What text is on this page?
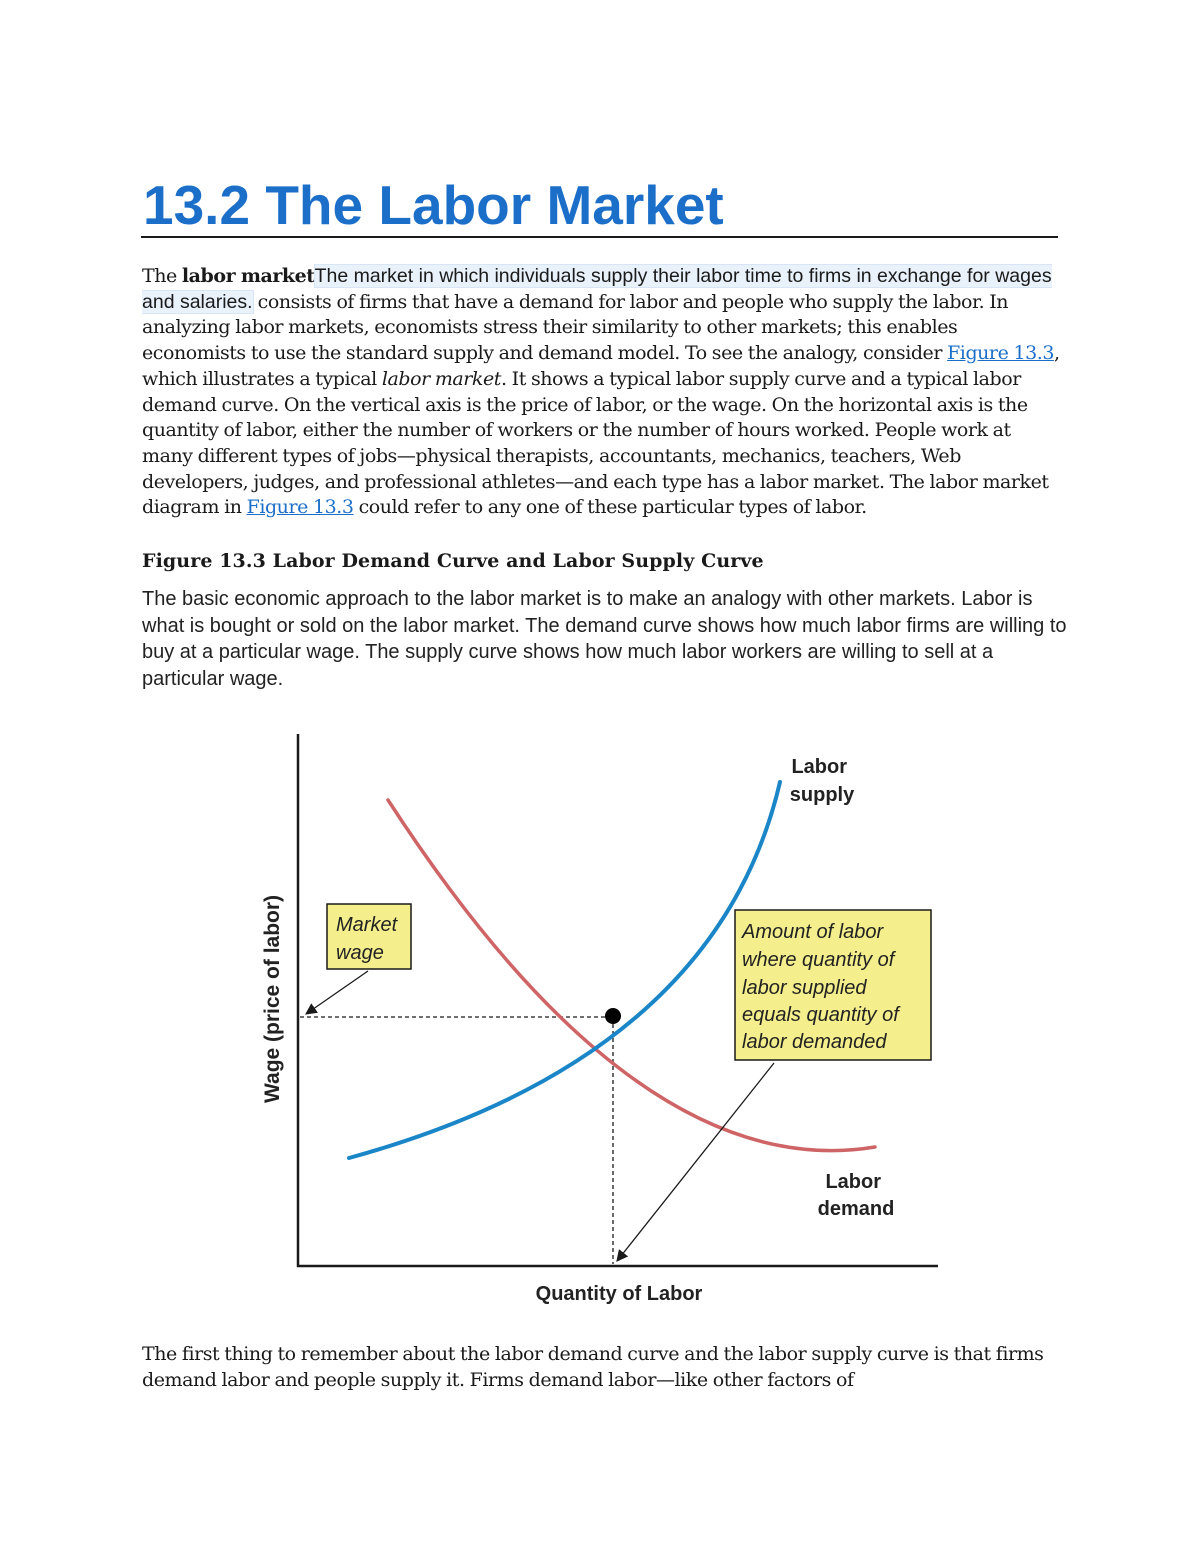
13.2 The Labor Market

The labor marketThe market in which individuals supply their labor time to firms in exchange for wages and salaries. consists of firms that have a demand for labor and people who supply the labor. In analyzing labor markets, economists stress their similarity to other markets; this enables economists to use the standard supply and demand model. To see the analogy, consider Figure 13.3, which illustrates a typical labor market. It shows a typical labor supply curve and a typical labor demand curve. On the vertical axis is the price of labor, or the wage. On the horizontal axis is the quantity of labor, either the number of workers or the number of hours worked. People work at many different types of jobs—physical therapists, accountants, mechanics, teachers, Web developers, judges, and professional athletes—and each type has a labor market. The labor market diagram in Figure 13.3 could refer to any one of these particular types of labor.

Figure 13.3 Labor Demand Curve and Labor Supply Curve

The basic economic approach to the labor market is to make an analogy with other markets. Labor is what is bought or sold on the labor market. The demand curve shows how much labor firms are willing to buy at a particular wage. The supply curve shows how much labor workers are willing to sell at a particular wage.

Labor supply
Labor demand
Market wage
Amount of labor where quantity of labor supplied equals quantity of labor demanded
Wage (price of labor)
Quantity of Labor

The first thing to remember about the labor demand curve and the labor supply curve is that firms demand labor and people supply it. Firms demand labor—like other factors of
